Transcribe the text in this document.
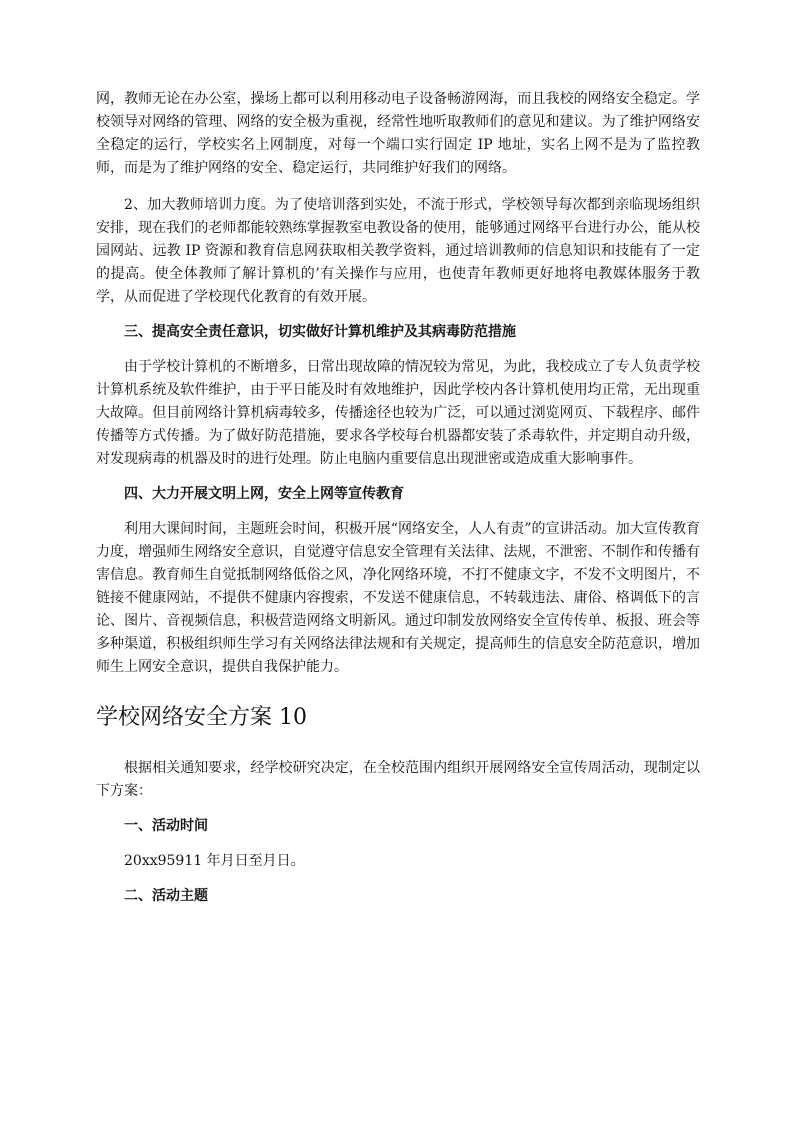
网，教师无论在办公室，操场上都可以利用移动电子设备畅游网海，而且我校的网络安全稳定。学校领导对网络的管理、网络的安全极为重视，经常性地听取教师们的意见和建议。为了维护网络安全稳定的运行，学校实名上网制度，对每一个端口实行固定 IP 地址，实名上网不是为了监控教师，而是为了维护网络的安全、稳定运行，共同维护好我们的网络。

2、加大教师培训力度。为了使培训落到实处，不流于形式，学校领导每次都到亲临现场组织安排，现在我们的老师都能较熟练掌握教室电教设备的使用，能够通过网络平台进行办公，能从校园网站、远教 IP 资源和教育信息网获取相关教学资料，通过培训教师的信息知识和技能有了一定的提高。使全体教师了解计算机的’有关操作与应用，也使青年教师更好地将电教媒体服务于教学，从而促进了学校现代化教育的有效开展。

三、提高安全责任意识，切实做好计算机维护及其病毒防范措施

由于学校计算机的不断增多，日常出现故障的情况较为常见，为此，我校成立了专人负责学校计算机系统及软件维护，由于平日能及时有效地维护，因此学校内各计算机使用均正常，无出现重大故障。但目前网络计算机病毒较多，传播途径也较为广泛，可以通过浏览网页、下载程序、邮件传播等方式传播。为了做好防范措施，要求各学校每台机器都安装了杀毒软件，并定期自动升级，对发现病毒的机器及时的进行处理。防止电脑内重要信息出现泄密或造成重大影响事件。

四、大力开展文明上网，安全上网等宣传教育

利用大课间时间，主题班会时间，积极开展“网络安全，人人有责”的宣讲活动。加大宣传教育力度，增强师生网络安全意识，自觉遵守信息安全管理有关法律、法规，不泄密、不制作和传播有害信息。教育师生自觉抵制网络低俗之风，净化网络环境，不打不健康文字，不发不文明图片，不链接不健康网站，不提供不健康内容搜索，不发送不健康信息，不转载违法、庸俗、格调低下的言论、图片、音视频信息，积极营造网络文明新风。通过印制发放网络安全宣传传单、板报、班会等多种渠道，积极组织师生学习有关网络法律法规和有关规定，提高师生的信息安全防范意识，增加师生上网安全意识，提供自我保护能力。

学校网络安全方案 10

根据相关通知要求，经学校研究决定，在全校范围内组织开展网络安全宣传周活动，现制定以下方案：

一、活动时间

20xx95911 年月日至月日。

二、活动主题
